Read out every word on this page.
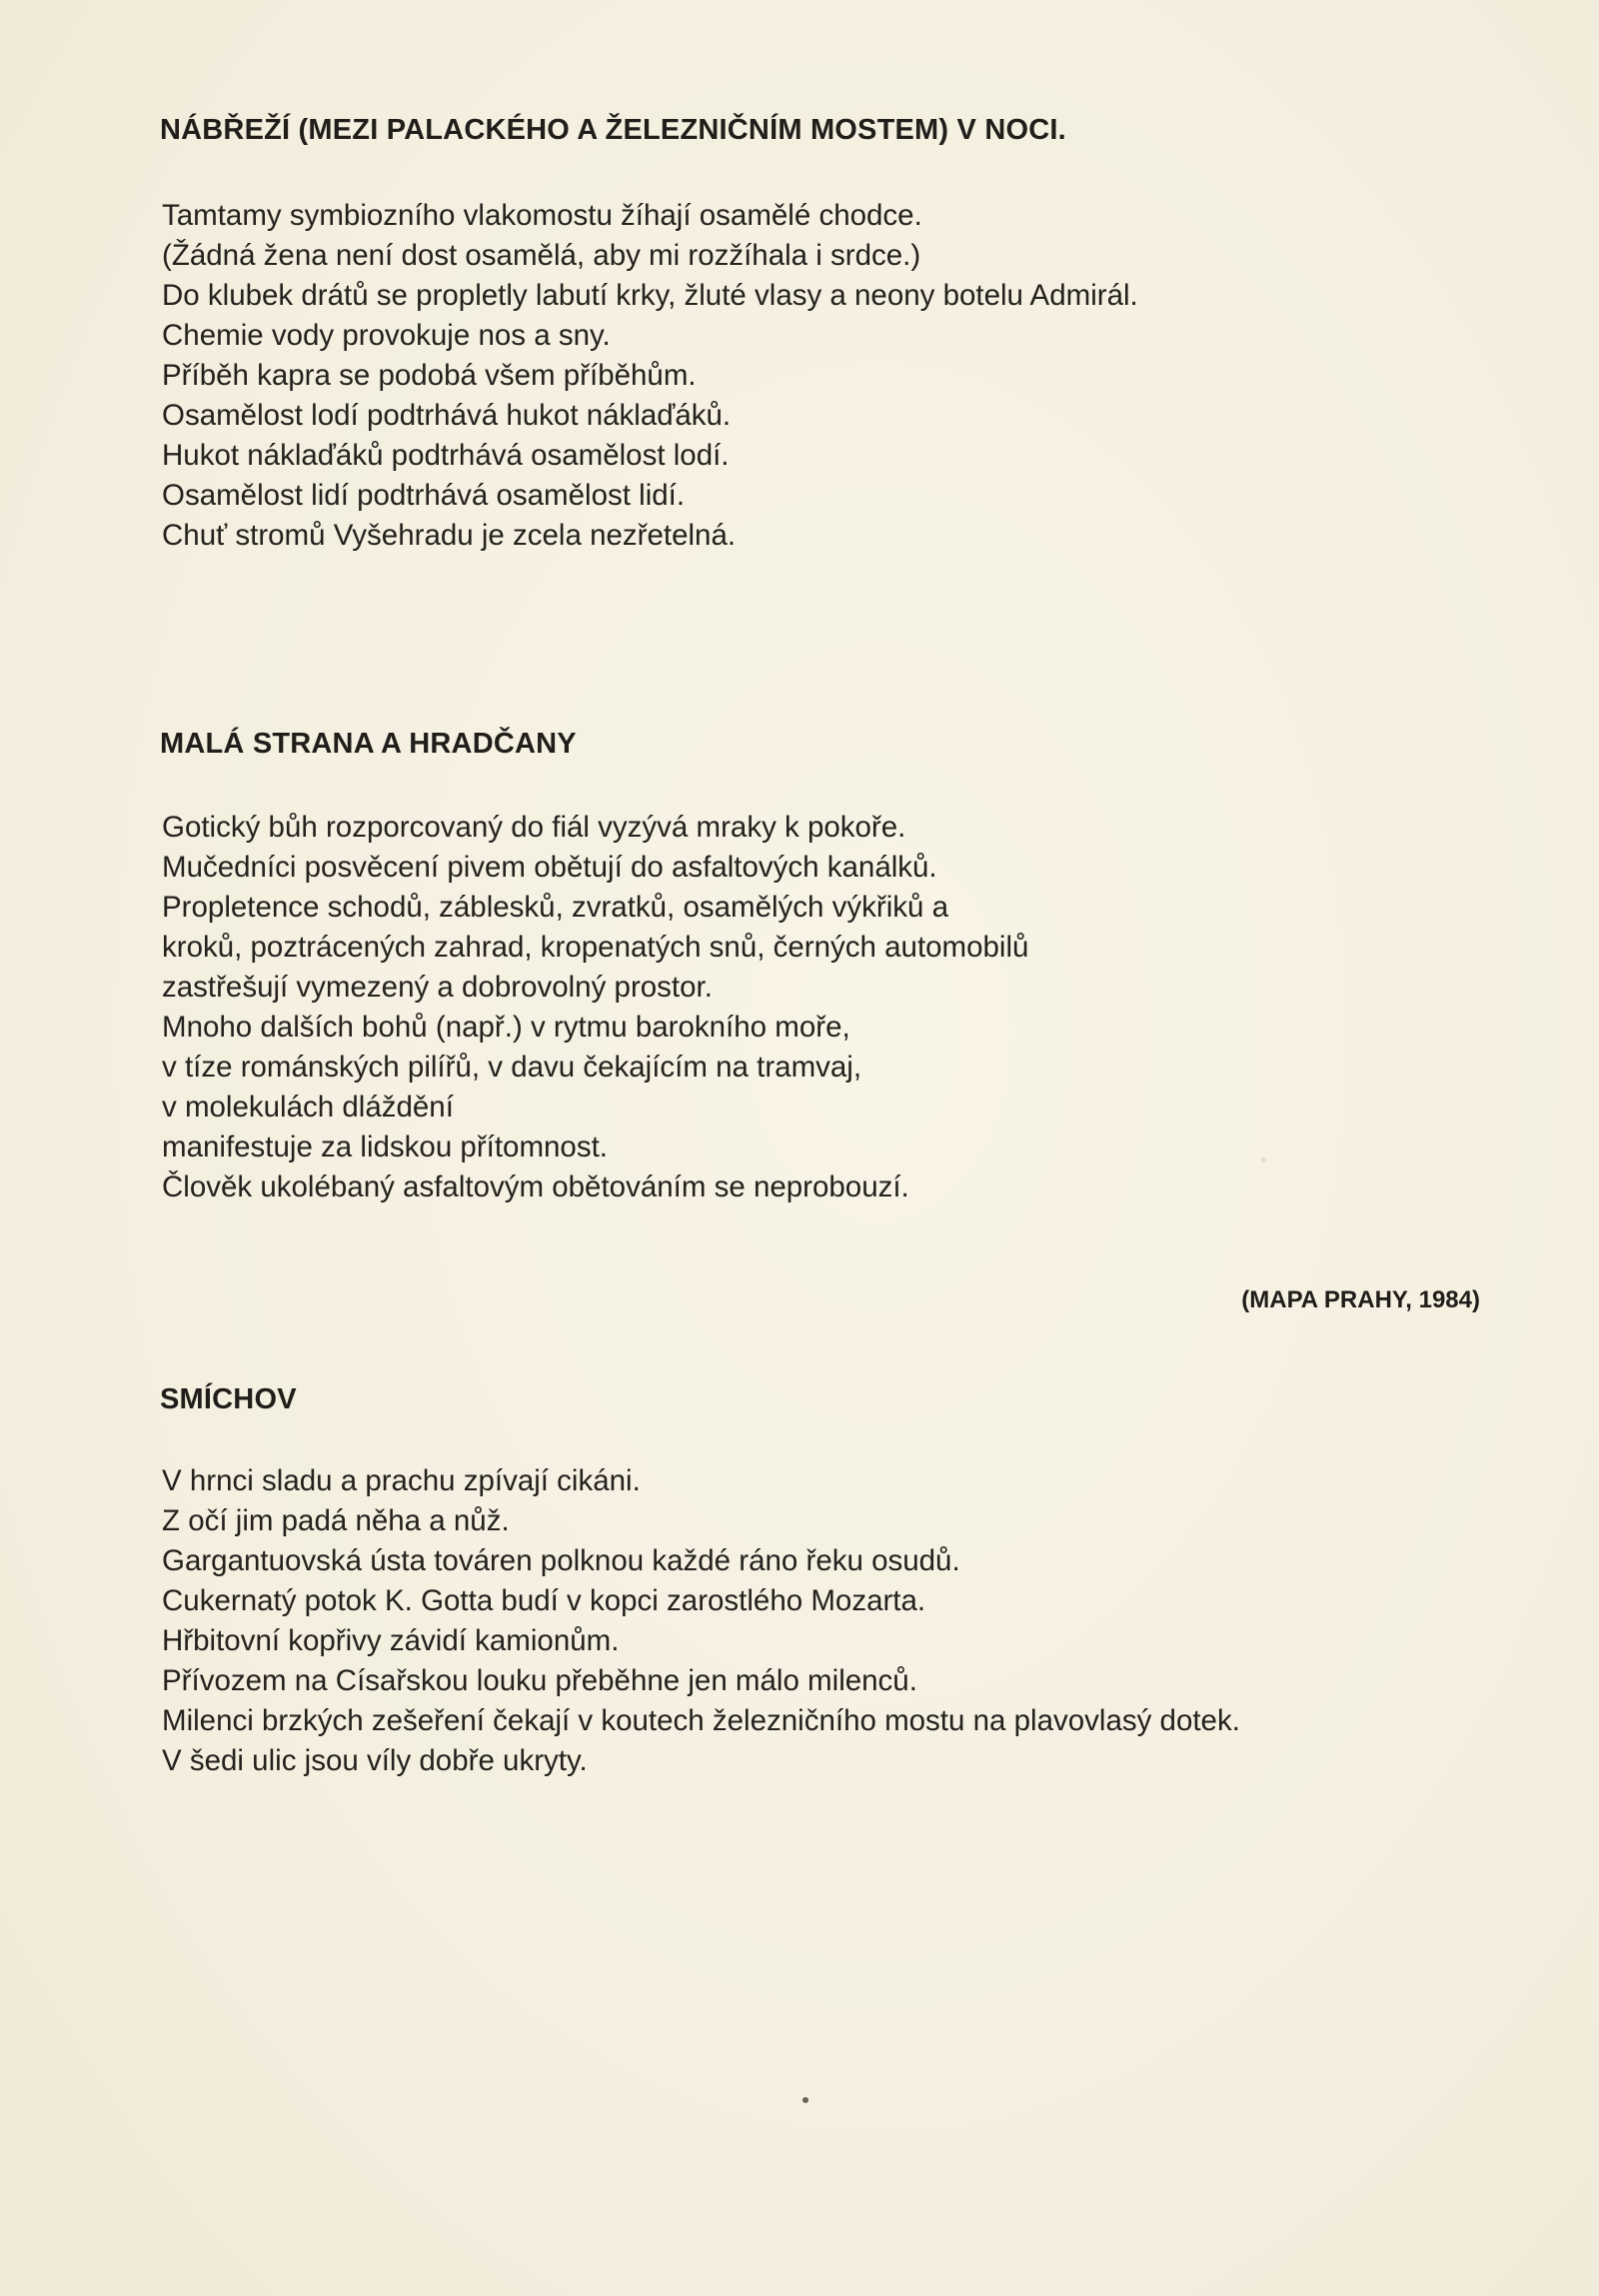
NÁBŘEŽÍ (MEZI PALACKÉHO A ŽELEZNIČNÍM MOSTEM) V NOCI.
Tamtamy symbiozního vlakomostu žíhají osamělé chodce.
(Žádná žena není dost osamělá, aby mi rozžíhala i srdce.)
Do klubek drátů se propletly labutí krky, žluté vlasy a neony botelu Admirál.
Chemie vody provokuje nos a sny.
Příběh kapra se podobá všem příběhům.
Osamělost lodí podtrhává hukot náklaďáků.
Hukot náklaďáků podtrhává osamělost lodí.
Osamělost lidí podtrhává osamělost lidí.
Chuť stromů Vyšehradu je zcela nezřetelná.
MALÁ STRANA A HRADČANY
Gotický bůh rozporcovaný do fiál vyzývá mraky k pokoře.
Mučedníci posvěcení pivem obětují do asfaltových kanálků.
Propletence schodů, záblesků, zvratků, osamělých výkřiků a
kroků, poztrácených zahrad, kropenatých snů, černých automobilů
zastřešují vymezený a dobrovolný prostor.
Mnoho dalších bohů (např.) v rytmu barokního moře,
v tíze románských pilířů, v davu čekajícím na tramvaj,
v molekulách dláždění
manifestuje za lidskou přítomnost.
Člověk ukolébaný asfaltovým obětováním se neprobouzí.

(MAPA PRAHY, 1984)

SMÍCHOV
V hrnci sladu a prachu zpívají cikáni.
Z očí jim padá něha a nůž.
Gargantuovská ústa továren polknou každé ráno řeku osudů.
Cukernatý potok K. Gotta budí v kopci zarostlého Mozarta.
Hřbitovní kopřivy závidí kamionům.
Přívozem na Císařskou louku přeběhne jen málo milenců.
Milenci brzkých zešeření čekají v koutech železničního mostu na plavovlasý dotek.
V šedi ulic jsou víly dobře ukryty.
